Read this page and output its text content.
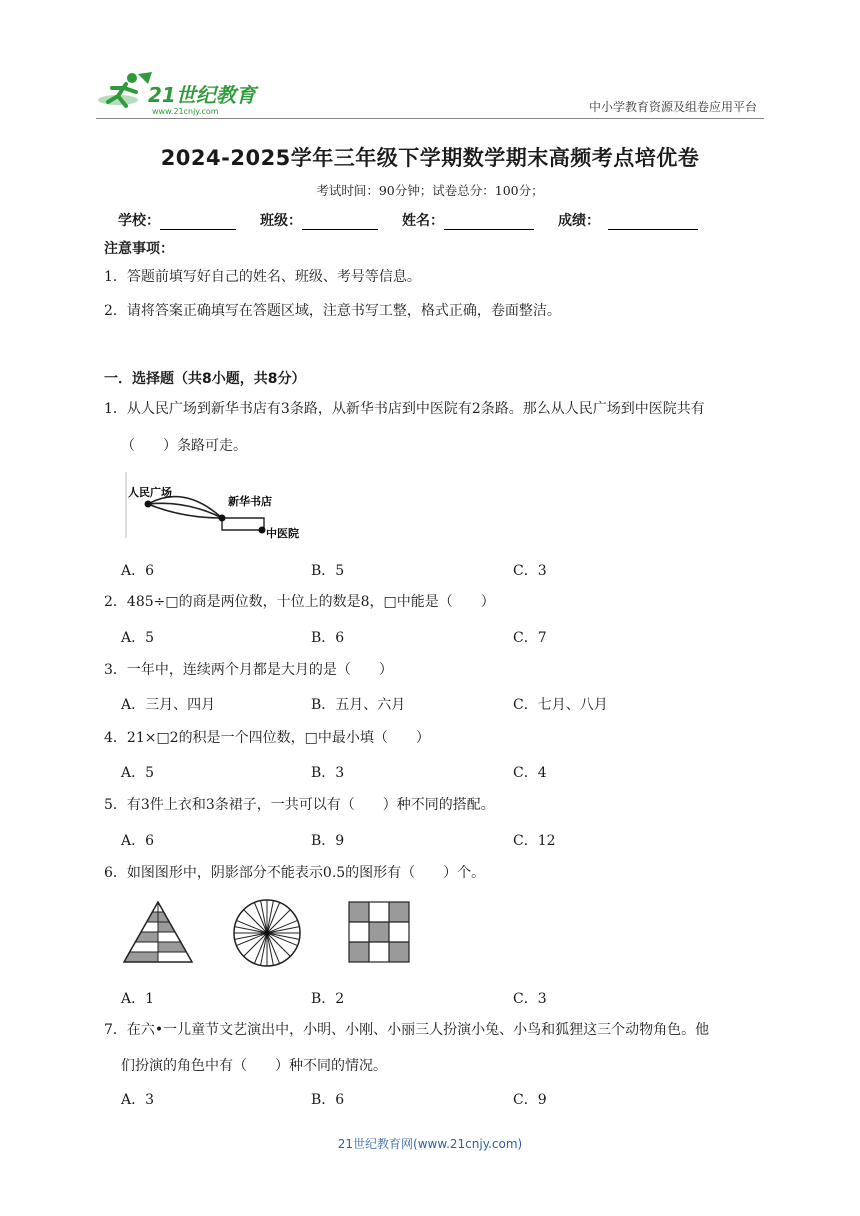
21世纪教育
www.21cnjy.com	中小学教育资源及组卷应用平台
2024-2025学年三年级下学期数学期末高频考点培优卷
考试时间：90分钟；试卷总分：100分；
学校：	班级：	姓名：	成绩：
注意事项：
1．答题前填写好自己的姓名、班级、考号等信息。
2．请将答案正确填写在答题区域，注意书写工整，格式正确，卷面整洁。
一．选择题（共8小题，共8分）
1．从人民广场到新华书店有3条路，从新华书店到中医院有2条路。那么从人民广场到中医院共有
（　　）条路可走。
人民广场
新华书店
中医院
A．6	B．5	C．3
2．485÷□的商是两位数，十位上的数是8，□中能是（　　）
A．5	B．6	C．7
3．一年中，连续两个月都是大月的是（　　）
A．三月、四月	B．五月、六月	C．七月、八月
4．21×□2的积是一个四位数，□中最小填（　　）
A．5	B．3	C．4
5．有3件上衣和3条裙子，一共可以有（　　）种不同的搭配。
A．6	B．9	C．12
6．如图图形中，阴影部分不能表示0.5的图形有（　　）个。
A．1	B．2	C．3
7．在六•一儿童节文艺演出中，小明、小刚、小丽三人扮演小兔、小鸟和狐狸这三个动物角色。他
们扮演的角色中有（　　）种不同的情况。
A．3	B．6	C．9
21世纪教育网(www.21cnjy.com)
